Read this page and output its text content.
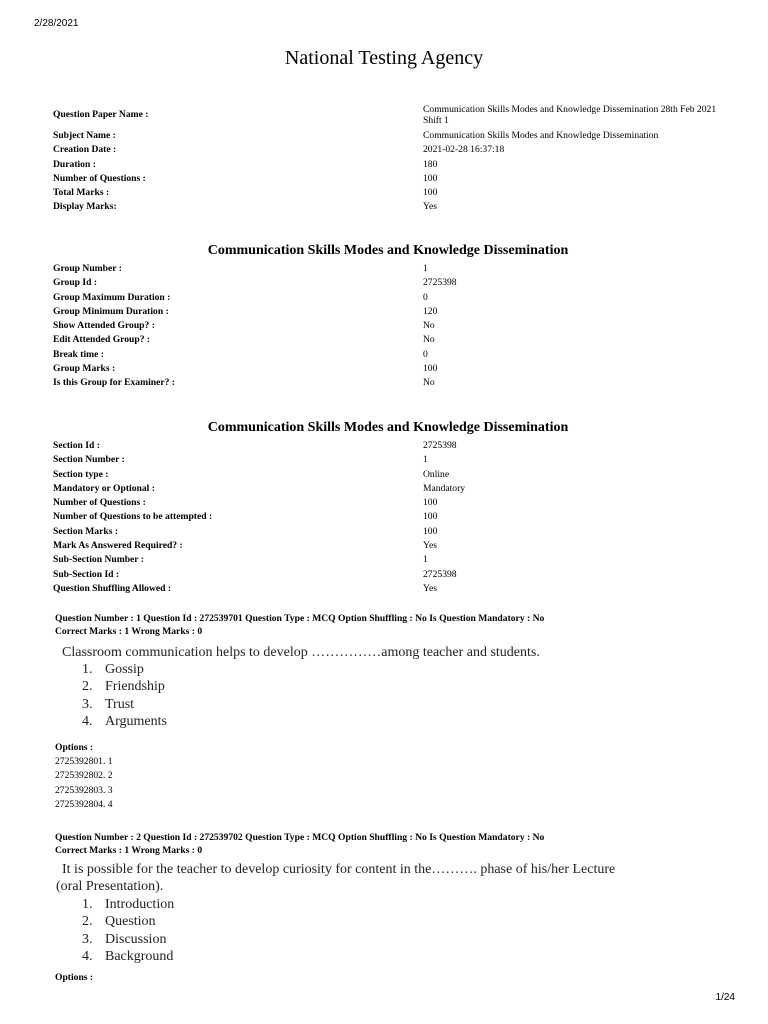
2/28/2021
National Testing Agency
Question Paper Name :	Communication Skills Modes and Knowledge Dissemination 28th Feb 2021 Shift 1
Subject Name :	Communication Skills Modes and Knowledge Dissemination
Creation Date :	2021-02-28 16:37:18
Duration :	180
Number of Questions :	100
Total Marks :	100
Display Marks:	Yes
Communication Skills Modes and Knowledge Dissemination
Group Number :	1
Group Id :	2725398
Group Maximum Duration :	0
Group Minimum Duration :	120
Show Attended Group? :	No
Edit Attended Group? :	No
Break time :	0
Group Marks :	100
Is this Group for Examiner? :	No
Communication Skills Modes and Knowledge Dissemination
Section Id :	2725398
Section Number :	1
Section type :	Online
Mandatory or Optional :	Mandatory
Number of Questions :	100
Number of Questions to be attempted :	100
Section Marks :	100
Mark As Answered Required? :	Yes
Sub-Section Number :	1
Sub-Section Id :	2725398
Question Shuffling Allowed :	Yes
Question Number : 1 Question Id : 272539701 Question Type : MCQ Option Shuffling : No Is Question Mandatory : No
Correct Marks : 1 Wrong Marks : 0
Classroom communication helps to develop ……………among teacher and students.
1. Gossip
2. Friendship
3. Trust
4. Arguments
Options :
2725392801. 1
2725392802. 2
2725392803. 3
2725392804. 4
Question Number : 2 Question Id : 272539702 Question Type : MCQ Option Shuffling : No Is Question Mandatory : No
Correct Marks : 1 Wrong Marks : 0
It is possible for the teacher to develop curiosity for content in the………. phase of his/her Lecture
(oral Presentation).
1. Introduction
2. Question
3. Discussion
4. Background
Options :
1/24
